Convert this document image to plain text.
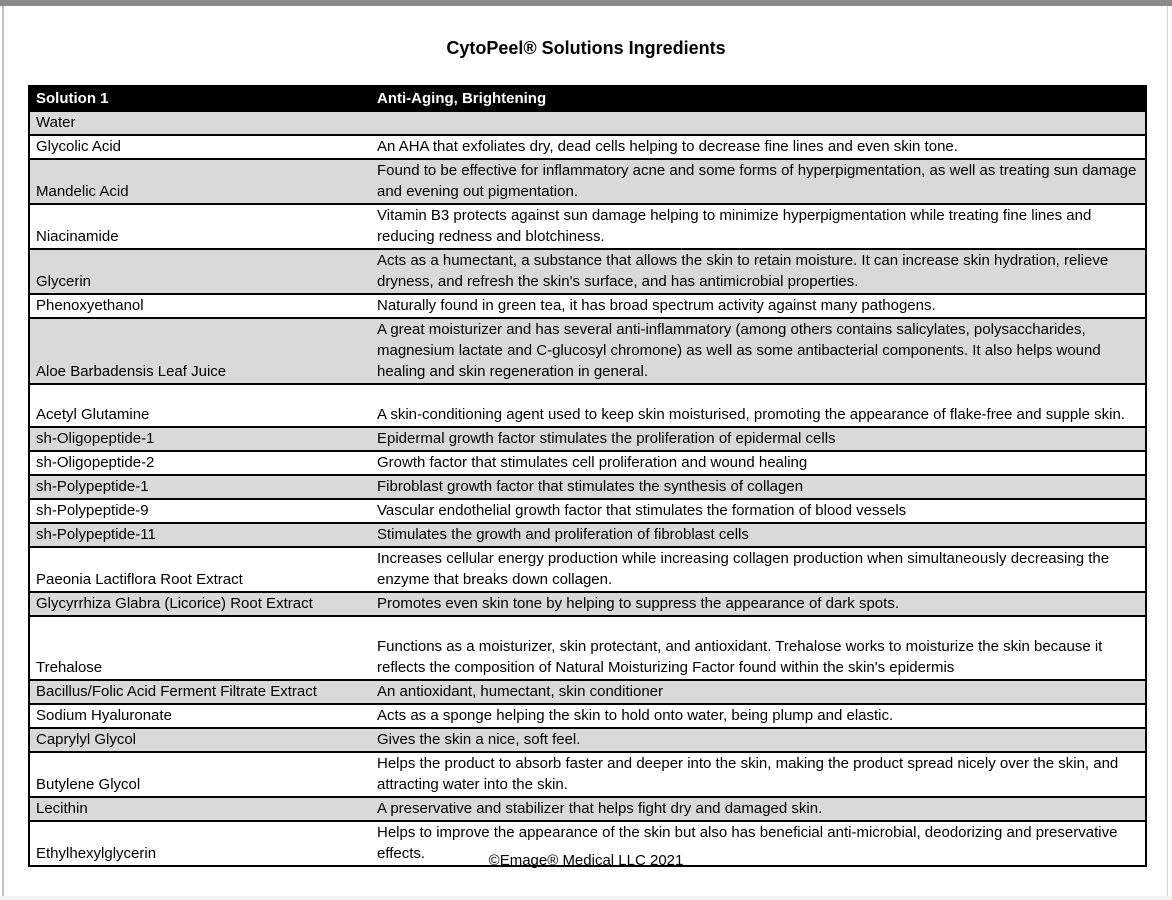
CytoPeel® Solutions Ingredients
Solution 1	Anti-Aging, Brightening
Water	
Glycolic Acid	An AHA that exfoliates dry, dead cells helping to decrease fine lines and even skin tone.
Mandelic Acid	Found to be effective for inflammatory acne and some forms of hyperpigmentation, as well as treating sun damage and evening out pigmentation.
Niacinamide	Vitamin B3 protects against sun damage helping to minimize hyperpigmentation while treating fine lines and reducing redness and blotchiness.
Glycerin	Acts as a humectant, a substance that allows the skin to retain moisture. It can increase skin hydration, relieve dryness, and refresh the skin's surface, and has antimicrobial properties.
Phenoxyethanol	Naturally found in green tea, it has broad spectrum activity against many pathogens.
Aloe Barbadensis Leaf Juice	A great moisturizer and has several anti-inflammatory (among others contains salicylates, polysaccharides, magnesium lactate and C-glucosyl chromone) as well as some antibacterial components. It also helps wound healing and skin regeneration in general.
Acetyl Glutamine	A skin-conditioning agent used to keep skin moisturised, promoting the appearance of flake-free and supple skin.
sh-Oligopeptide-1	Epidermal growth factor stimulates the proliferation of epidermal cells
sh-Oligopeptide-2	Growth factor that stimulates cell proliferation and wound healing
sh-Polypeptide-1	Fibroblast growth factor that stimulates the synthesis of collagen
sh-Polypeptide-9	Vascular endothelial growth factor that stimulates the formation of blood vessels
sh-Polypeptide-11	Stimulates the growth and proliferation of fibroblast cells
Paeonia Lactiflora Root Extract	Increases cellular energy production while increasing collagen production when simultaneously decreasing the enzyme that breaks down collagen.
Glycyrrhiza Glabra (Licorice) Root Extract	Promotes even skin tone by helping to suppress the appearance of dark spots.
Trehalose	Functions as a moisturizer, skin protectant, and antioxidant. Trehalose works to moisturize the skin because it reflects the composition of Natural Moisturizing Factor found within the skin's epidermis
Bacillus/Folic Acid Ferment Filtrate Extract	An antioxidant, humectant, skin conditioner
Sodium Hyaluronate	Acts as a sponge helping the skin to hold onto water, being plump and elastic.
Caprylyl Glycol	Gives the skin a nice, soft feel.
Butylene Glycol	Helps the product to absorb faster and deeper into the skin, making the product spread nicely over the skin, and attracting water into the skin.
Lecithin	A preservative and stabilizer that helps fight dry and damaged skin.
Ethylhexylglycerin	Helps to improve the appearance of the skin but also has beneficial anti-microbial, deodorizing and preservative effects.	©Emage® Medical LLC 2021
